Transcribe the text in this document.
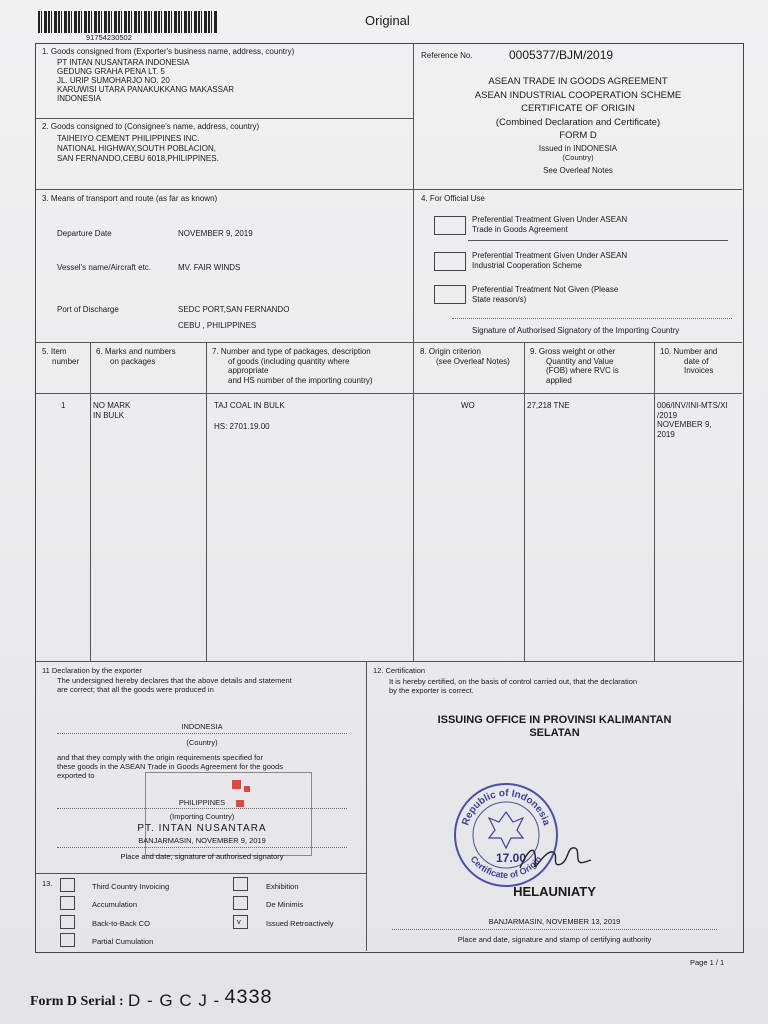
91754230502
Original
1. Goods consigned from (Exporter's business name, address, country)
PT INTAN NUSANTARA INDONESIA
GEDUNG GRAHA PENA LT. 5
JL. URIP SUMOHARJO NO. 20
KARUWISI UTARA PANAKUKKANG MAKASSAR
INDONESIA
Reference No.	0005377/BJM/2019
ASEAN TRADE IN GOODS AGREEMENT
ASEAN INDUSTRIAL COOPERATION SCHEME
CERTIFICATE OF ORIGIN
(Combined Declaration and Certificate)
FORM D
Issued in INDONESIA
(Country)
See Overleaf Notes
2. Goods consigned to (Consignee's name, address, country)
TAIHEIYO CEMENT PHILIPPINES INC.
NATIONAL HIGHWAY,SOUTH POBLACION,
SAN FERNANDO,CEBU 6018,PHILIPPINES.
3. Means of transport and route (as far as known)
Departure Date	NOVEMBER 9, 2019
Vessel's name/Aircraft etc.	MV. FAIR WINDS
Port of Discharge	SEDC PORT,SAN FERNANDO
CEBU , PHILIPPINES
4. For Official Use
Preferential Treatment Given Under ASEAN
Trade in Goods Agreement
Preferential Treatment Given Under ASEAN
Industrial Cooperation Scheme
Preferential Treatment Not Given (Please
State reason/s)
Signature of Authorised Signatory of the Importing Country
5. Item
number
6. Marks and numbers
on packages
7. Number and type of packages, description
of goods (including quantity where
appropriate
and HS number of the importing country)
8. Origin criterion
(see Overleaf Notes)
9. Gross weight or other
Quantity and Value
(FOB) where RVC is
applied
10. Number and
date of
Invoices
1	NO MARK
IN BULK
TAJ COAL IN BULK
HS: 2701.19.00
WO	27,218 TNE	006/INV/INI-MTS/XI
/2019
NOVEMBER 9,
2019
11 Declaration by the exporter
The undersigned hereby declares that the above details and statement
are correct; that all the goods were produced in
INDONESIA
(Country)
and that they comply with the origin requirements specified for
these goods in the ASEAN Trade in Goods Agreement for the goods
exported to
PHILIPPINES
(Importing Country)
PT. INTAN NUSANTARA
BANJARMASIN, NOVEMBER 9, 2019
Place and date, signature of authorised signatory
12. Certification
It is hereby certified, on the basis of control carried out, that the declaration
by the exporter is correct.
ISSUING OFFICE IN PROVINSI KALIMANTAN
SELATAN
Republic of Indonesia
Certificate of Origin
17.00
HELAUNIATY
BANJARMASIN, NOVEMBER 13, 2019
Place and date, signature and stamp of certifying authority
13.	Third Country Invoicing
Accumulation
Back-to-Back CO
Partial Cumulation
Exhibition
De Minimis
v	Issued Retroactively
Page 1 / 1
Form D Serial : D - G C J - 4338
